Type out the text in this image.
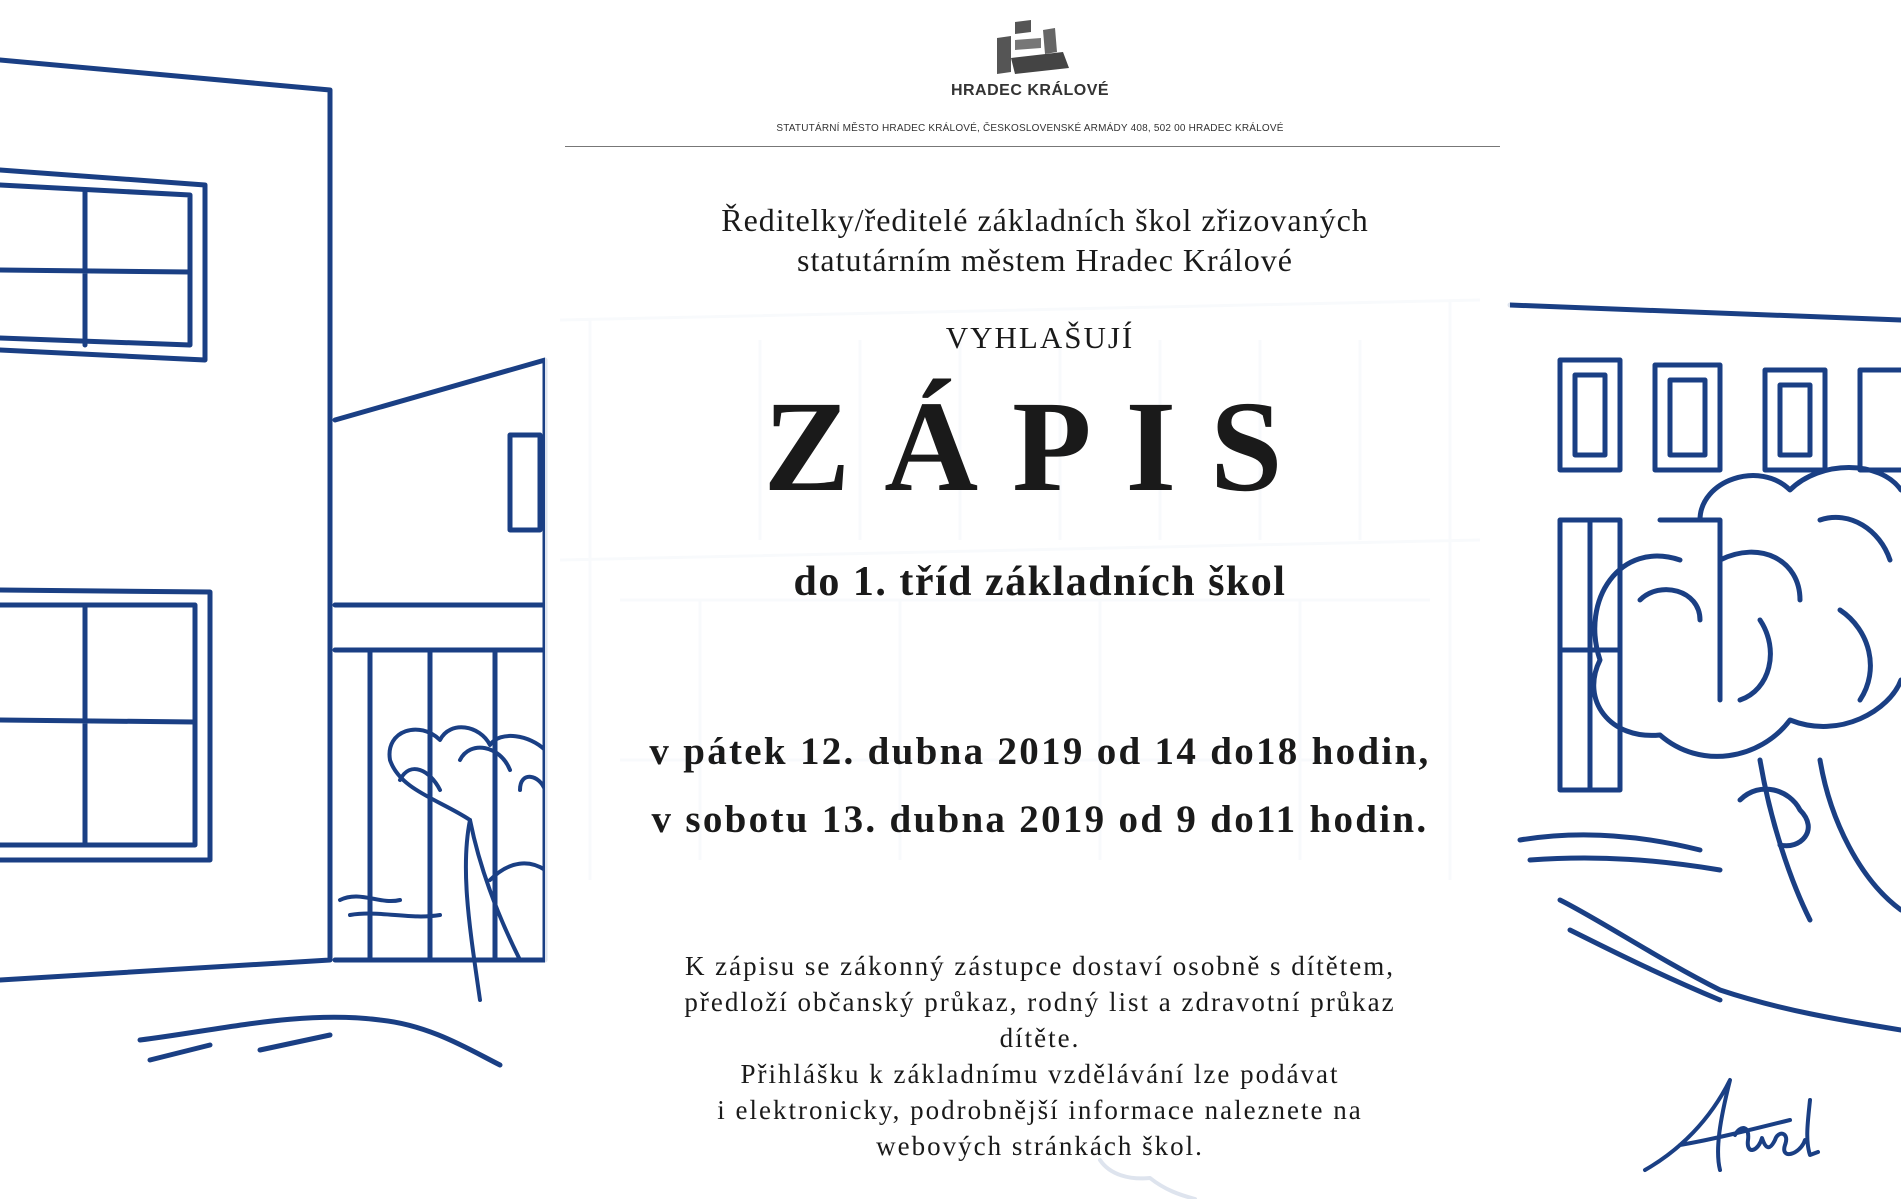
HRADEC KRÁLOVÉ
STATUTÁRNÍ MĚSTO HRADEC KRÁLOVÉ, ČESKOSLOVENSKÉ ARMÁDY 408, 502 00 HRADEC KRÁLOVÉ
Ředitelky/ředitelé základních škol zřizovaných
statutárním městem Hradec Králové
VYHLAŠUJÍ
ZÁPIS
do 1. tříd základních škol
v pátek 12. dubna 2019 od 14 do18 hodin,
v sobotu 13. dubna 2019 od 9 do11 hodin.
K zápisu se zákonný zástupce dostaví osobně s dítětem,
předloží občanský průkaz, rodný list a zdravotní průkaz
dítěte.
Přihlášku k základnímu vzdělávání lze podávat
i elektronicky, podrobnější informace naleznete na
webových stránkách škol.
